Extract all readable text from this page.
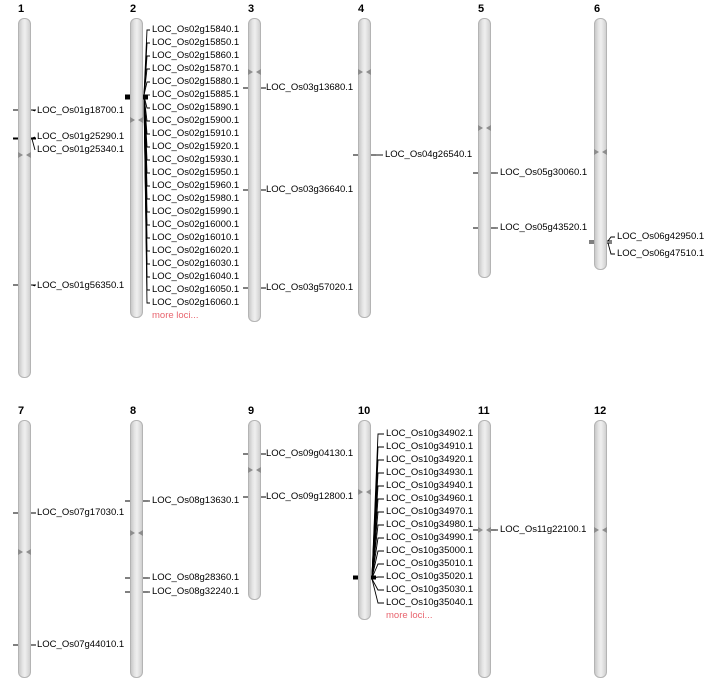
1
LOC_Os01g18700.1
LOC_Os01g25290.1
LOC_Os01g25340.1
LOC_Os01g56350.1
2
LOC_Os02g15840.1
LOC_Os02g15850.1
LOC_Os02g15860.1
LOC_Os02g15870.1
LOC_Os02g15880.1
LOC_Os02g15885.1
LOC_Os02g15890.1
LOC_Os02g15900.1
LOC_Os02g15910.1
LOC_Os02g15920.1
LOC_Os02g15930.1
LOC_Os02g15950.1
LOC_Os02g15960.1
LOC_Os02g15980.1
LOC_Os02g15990.1
LOC_Os02g16000.1
LOC_Os02g16010.1
LOC_Os02g16020.1
LOC_Os02g16030.1
LOC_Os02g16040.1
LOC_Os02g16050.1
LOC_Os02g16060.1
more loci...
3
LOC_Os03g13680.1
LOC_Os03g36640.1
LOC_Os03g57020.1
4
LOC_Os04g26540.1
5
LOC_Os05g30060.1
LOC_Os05g43520.1
6
LOC_Os06g42950.1
LOC_Os06g47510.1
7
LOC_Os07g17030.1
LOC_Os07g44010.1
8
LOC_Os08g13630.1
LOC_Os08g28360.1
LOC_Os08g32240.1
9
LOC_Os09g04130.1
LOC_Os09g12800.1
10
LOC_Os10g34902.1
LOC_Os10g34910.1
LOC_Os10g34920.1
LOC_Os10g34930.1
LOC_Os10g34940.1
LOC_Os10g34960.1
LOC_Os10g34970.1
LOC_Os10g34980.1
LOC_Os10g34990.1
LOC_Os10g35000.1
LOC_Os10g35010.1
LOC_Os10g35020.1
LOC_Os10g35030.1
LOC_Os10g35040.1
more loci...
11
LOC_Os11g22100.1
12
